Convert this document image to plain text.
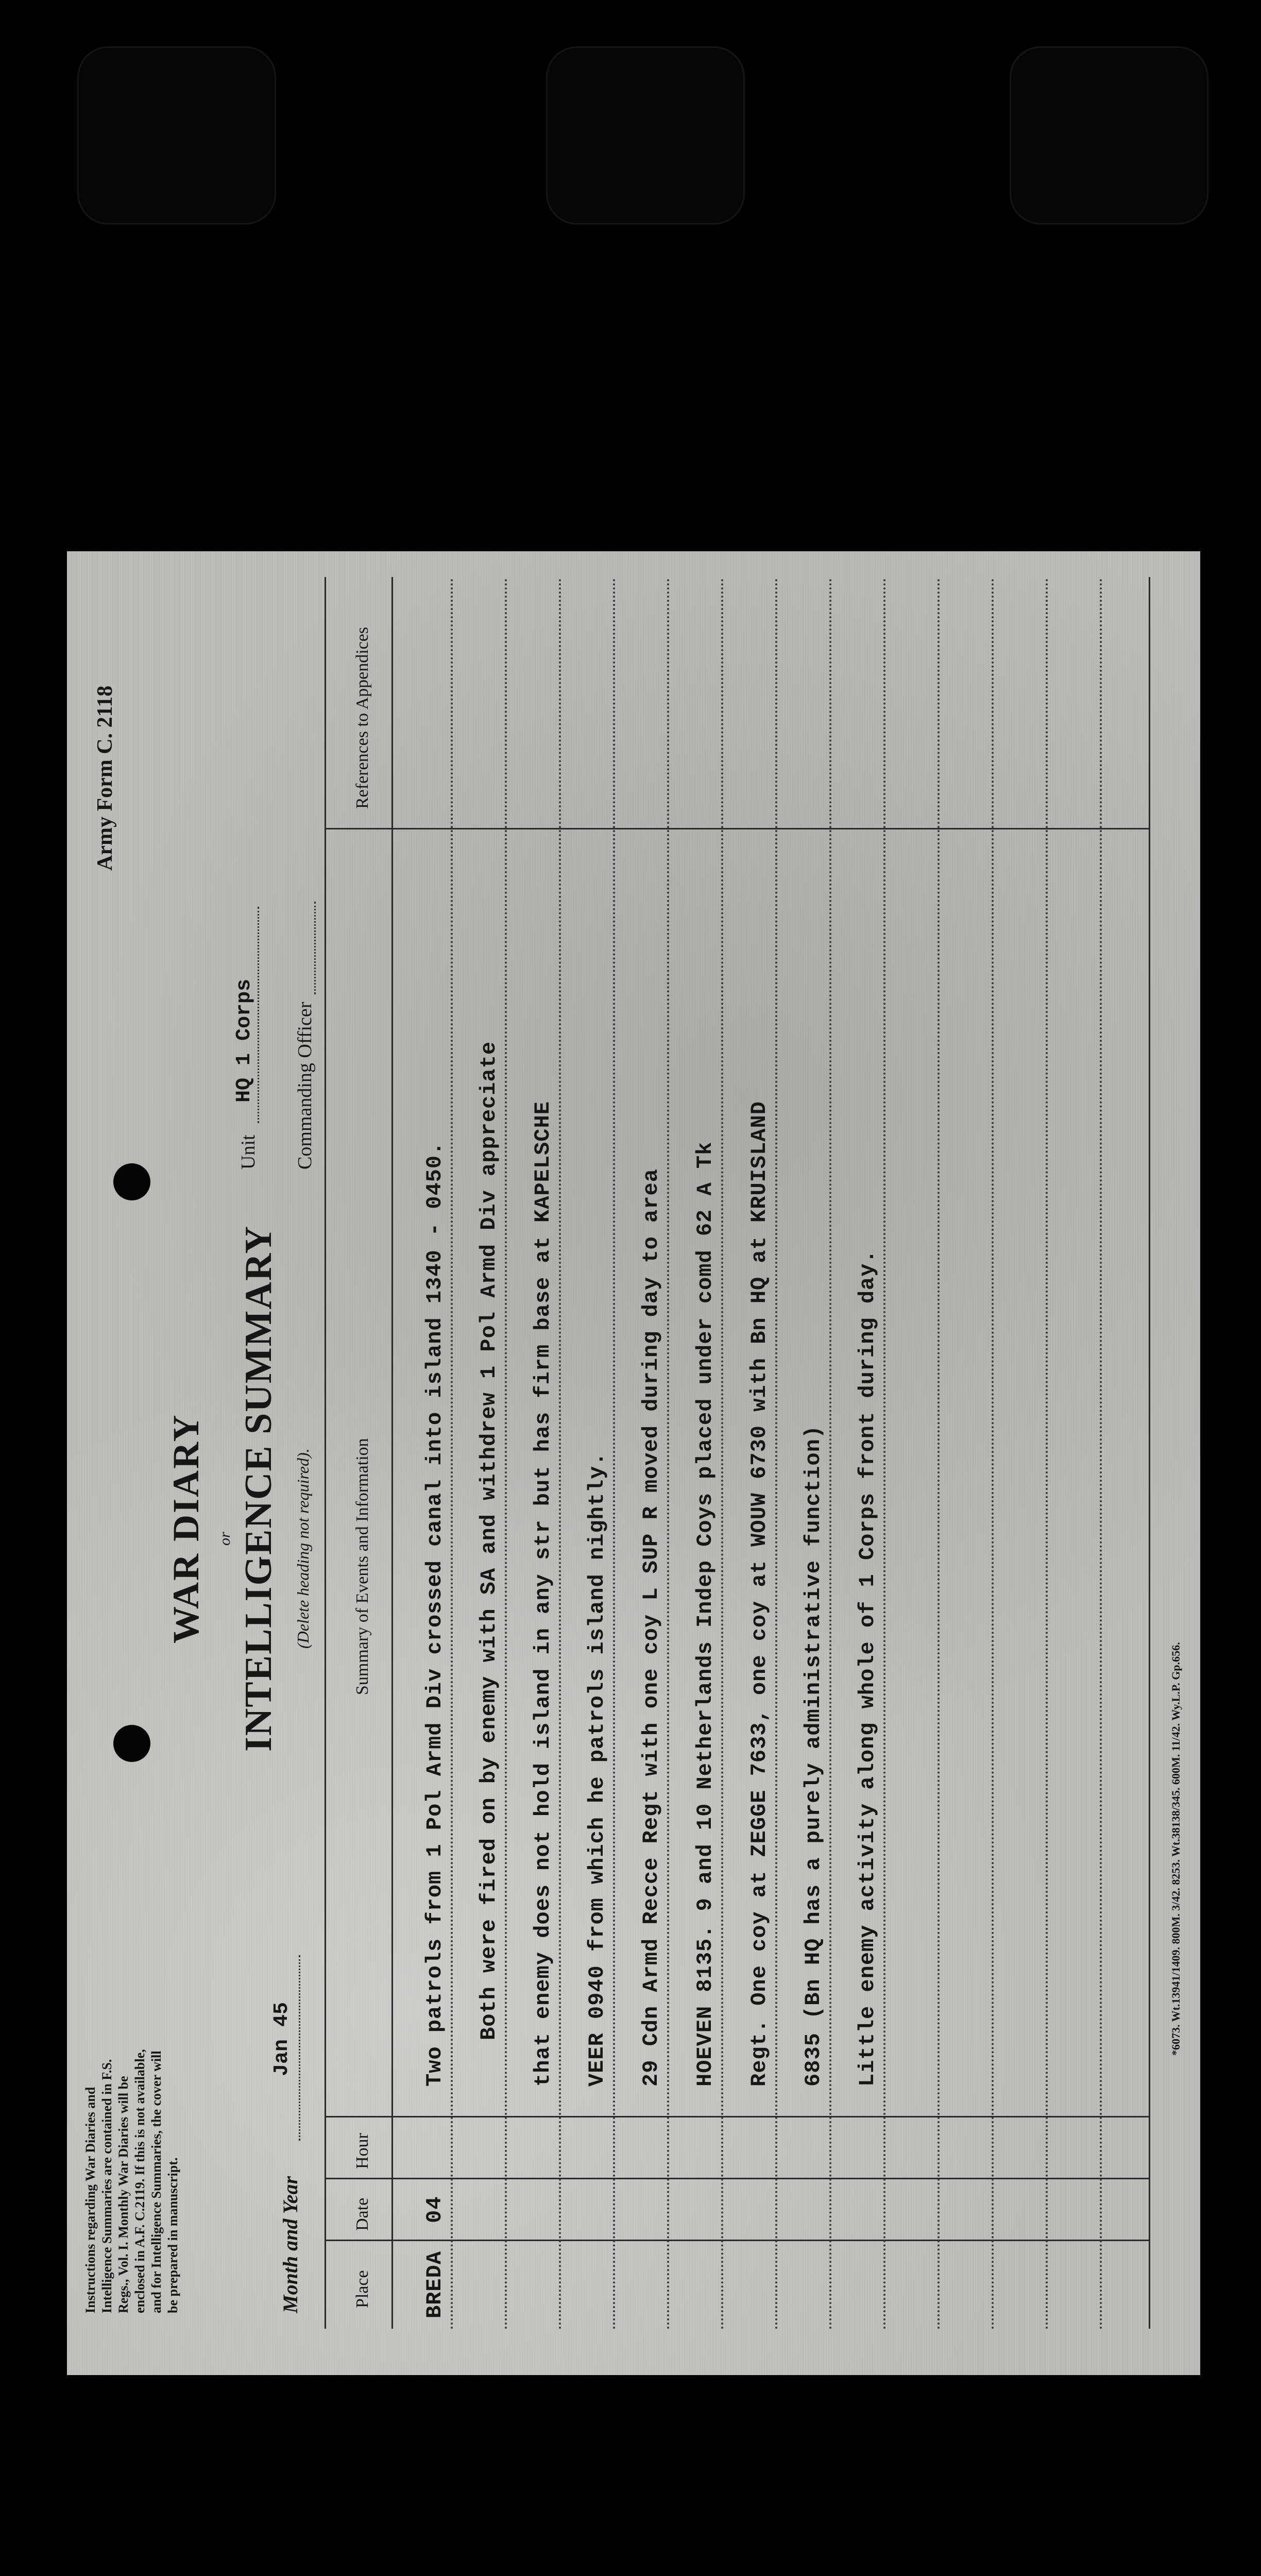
Instructions regarding War Diaries and Intelligence Summaries are contained in F.S. Regs., Vol. I. Monthly War Diaries will be enclosed in A.F. C.2119. If this is not available, and for Intelligence Summaries, the cover will be prepared in manuscript.
Army Form C. 2118
WAR DIARY or INTELLIGENCE SUMMARY (Delete heading not required).
Month and Year
Jan 45
Unit
HQ 1 Corps Commanding Officer
Place
Date
Hour
Summary of Events and Information
References to Appendices
BREDA
04
Two patrols from 1 Pol Armd Div crossed canal into island 1340 - 0450. Both were fired on by enemy with SA and withdrew 1 Pol Armd Div appreciate that enemy does not hold island in any str but has firm base at KAPELSCHE VEER 0940 from which he patrols island nightly. 29 Cdn Armd Recce Regt with one coy L SUP R moved during day to area HOEVEN 8135. 9 and 10 Netherlands Indep Coys placed under comd 62 A Tk Regt. One coy at ZEGGE 7633, one coy at WOUW 6730 with Bn HQ at KRUISLAND 6835 (Bn HQ has a purely administrative function) Little enemy activity along whole of 1 Corps front during day.	*6073. Wt.13941/1409. 800M. 3/42. 8253. Wt.38138/345. 600M. 11/42. Wy.L.P. Gp.656.
